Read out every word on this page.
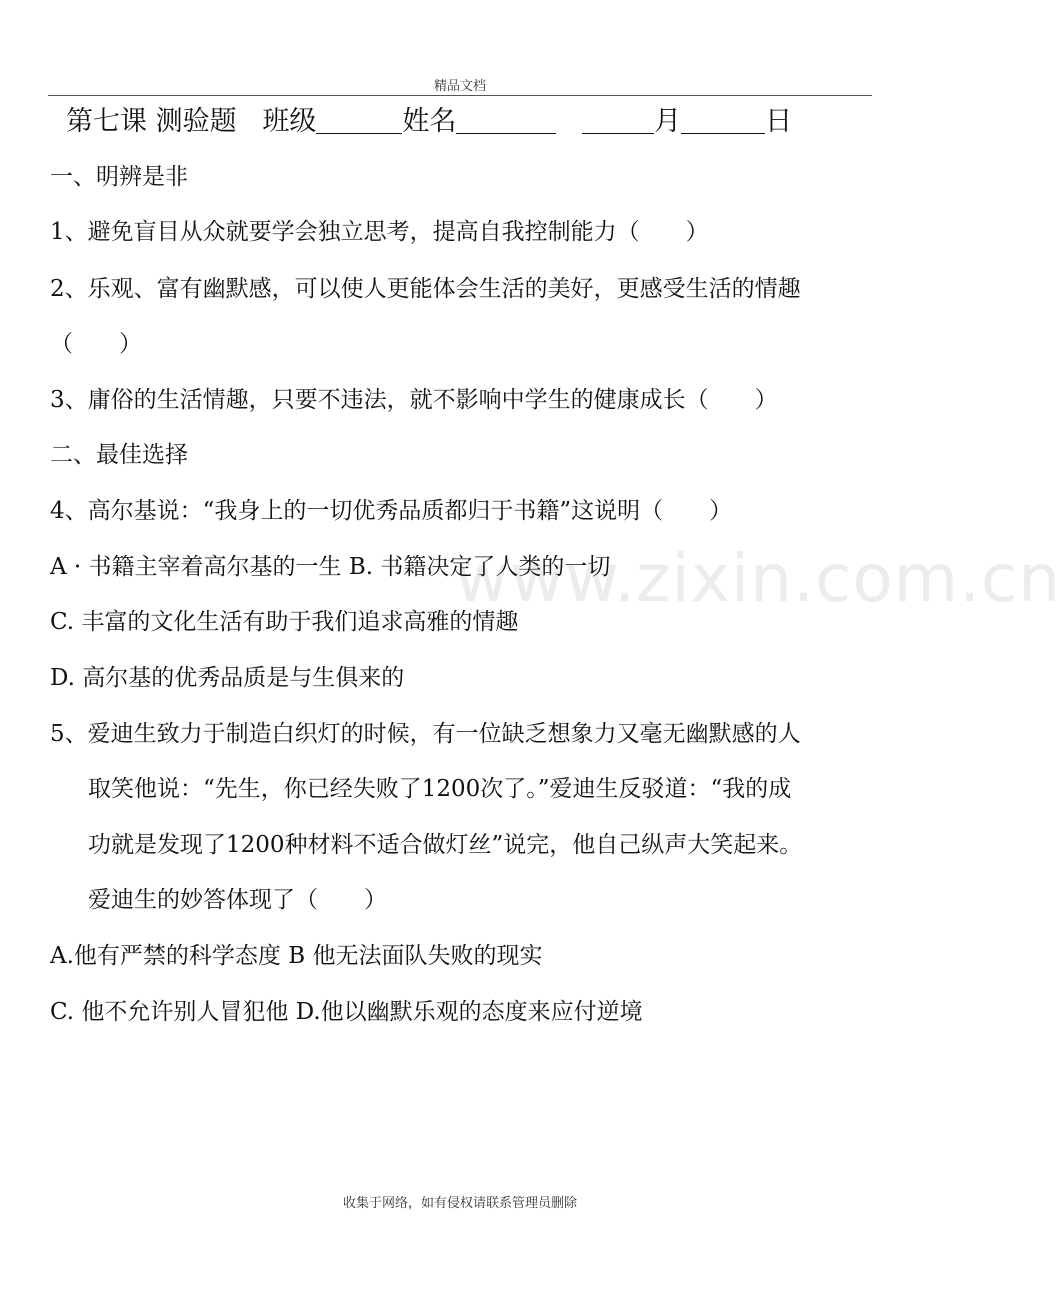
精品文档
www.zixin.com.cn
第七课 测验题 班级	姓名	月	日
一、明辨是非
1、避免盲目从众就要学会独立思考，提高自我控制能力（　　）
2、乐观、富有幽默感，可以使人更能体会生活的美好，更感受生活的情趣
（　　）
3、庸俗的生活情趣，只要不违法，就不影响中学生的健康成长（　　）
二、最佳选择
4、高尔基说：“我身上的一切优秀品质都归于书籍”这说明（　　）
A · 书籍主宰着高尔基的一生 B. 书籍决定了人类的一切
C. 丰富的文化生活有助于我们追求高雅的情趣
D. 高尔基的优秀品质是与生俱来的
5、爱迪生致力于制造白织灯的时候，有一位缺乏想象力又毫无幽默感的人
取笑他说：“先生，你已经失败了1200次了。”爱迪生反驳道：“我的成
功就是发现了1200种材料不适合做灯丝”说完，他自己纵声大笑起来。
爱迪生的妙答体现了（　　）
A.他有严禁的科学态度 B 他无法面队失败的现实
C. 他不允许别人冒犯他 D.他以幽默乐观的态度来应付逆境
收集于网络，如有侵权请联系管理员删除
